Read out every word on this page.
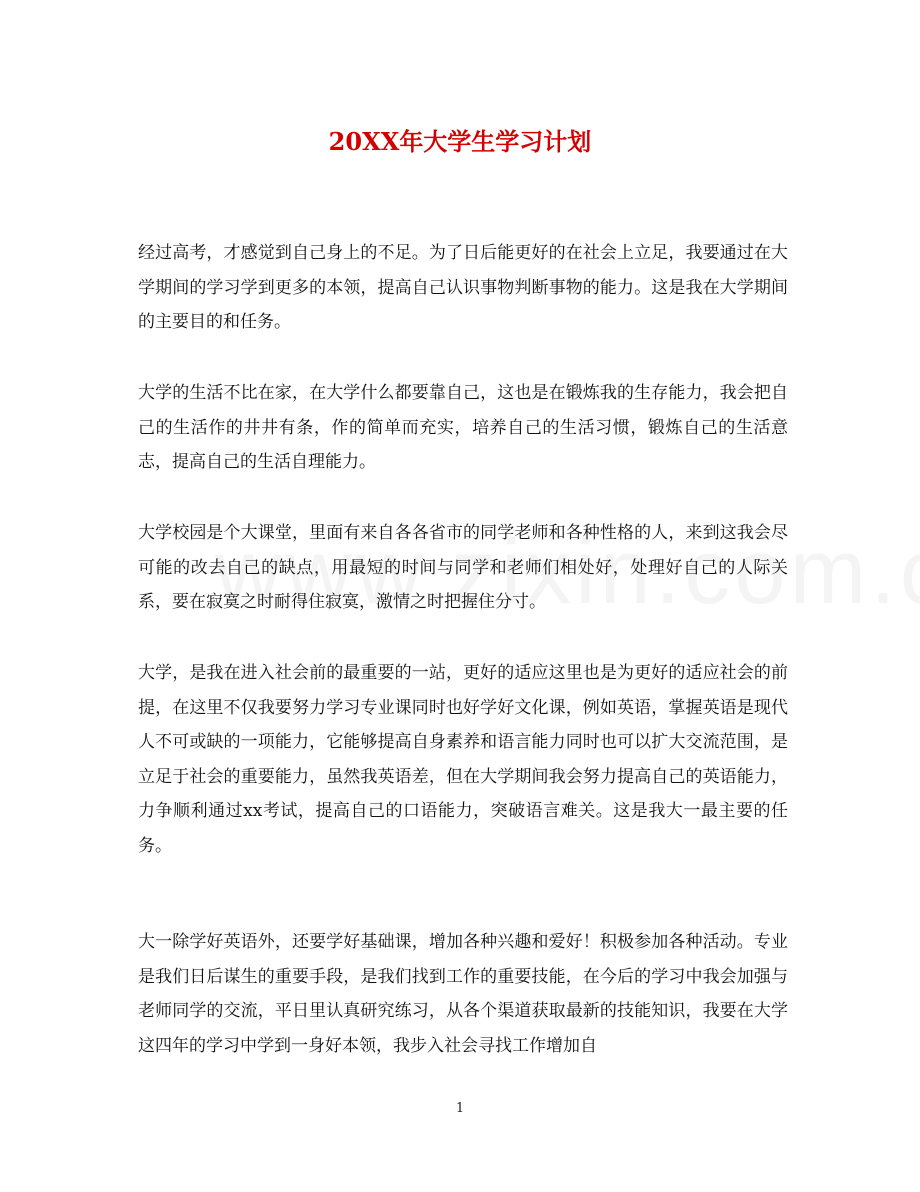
20XX年大学生学习计划

经过高考，才感觉到自己身上的不足。为了日后能更好的在社会上立足，我要通过在大学期间的学习学到更多的本领，提高自己认识事物判断事物的能力。这是我在大学期间的主要目的和任务。

大学的生活不比在家，在大学什么都要靠自己，这也是在锻炼我的生存能力，我会把自己的生活作的井井有条，作的简单而充实，培养自己的生活习惯，锻炼自己的生活意志，提高自己的生活自理能力。

大学校园是个大课堂，里面有来自各各省市的同学老师和各种性格的人，来到这我会尽可能的改去自己的缺点，用最短的时间与同学和老师们相处好，处理好自己的人际关系，要在寂寞之时耐得住寂寞，激情之时把握住分寸。

大学，是我在进入社会前的最重要的一站，更好的适应这里也是为更好的适应社会的前提，在这里不仅我要努力学习专业课同时也好学好文化课，例如英语，掌握英语是现代人不可或缺的一项能力，它能够提高自身素养和语言能力同时也可以扩大交流范围，是立足于社会的重要能力，虽然我英语差，但在大学期间我会努力提高自己的英语能力，力争顺利通过xx考试，提高自己的口语能力，突破语言难关。这是我大一最主要的任务。

大一除学好英语外，还要学好基础课，增加各种兴趣和爱好！积极参加各种活动。专业是我们日后谋生的重要手段，是我们找到工作的重要技能，在今后的学习中我会加强与老师同学的交流，平日里认真研究练习，从各个渠道获取最新的技能知识，我要在大学这四年的学习中学到一身好本领，我步入社会寻找工作增加自

1
